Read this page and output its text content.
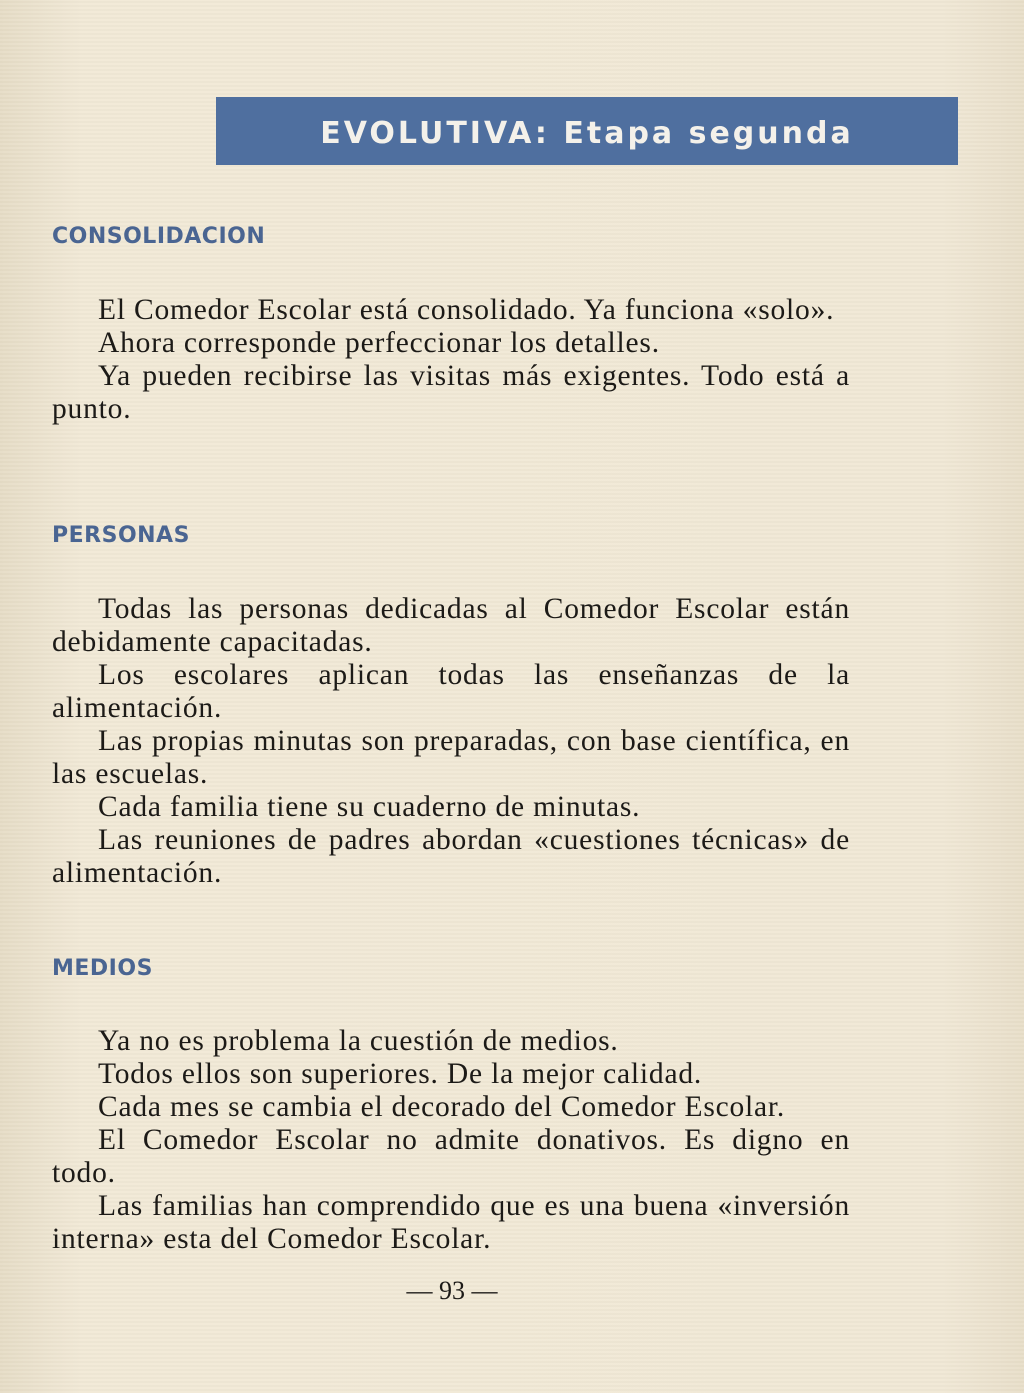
EVOLUTIVA: Etapa segunda
CONSOLIDACION

El Comedor Escolar está consolidado. Ya funciona «solo».

Ahora corresponde perfeccionar los detalles.

Ya pueden recibirse las visitas más exigentes. Todo está a punto.

PERSONAS

Todas las personas dedicadas al Comedor Escolar están debidamente capacitadas.

Los escolares aplican todas las enseñanzas de la alimentación.

Las propias minutas son preparadas, con base científica, en las escuelas.

Cada familia tiene su cuaderno de minutas.

Las reuniones de padres abordan «cuestiones técnicas» de alimentación.

MEDIOS

Ya no es problema la cuestión de medios.

Todos ellos son superiores. De la mejor calidad.

Cada mes se cambia el decorado del Comedor Escolar.

El Comedor Escolar no admite donativos. Es digno en todo.

Las familias han comprendido que es una buena «inversión interna» esta del Comedor Escolar.

— 93 —
